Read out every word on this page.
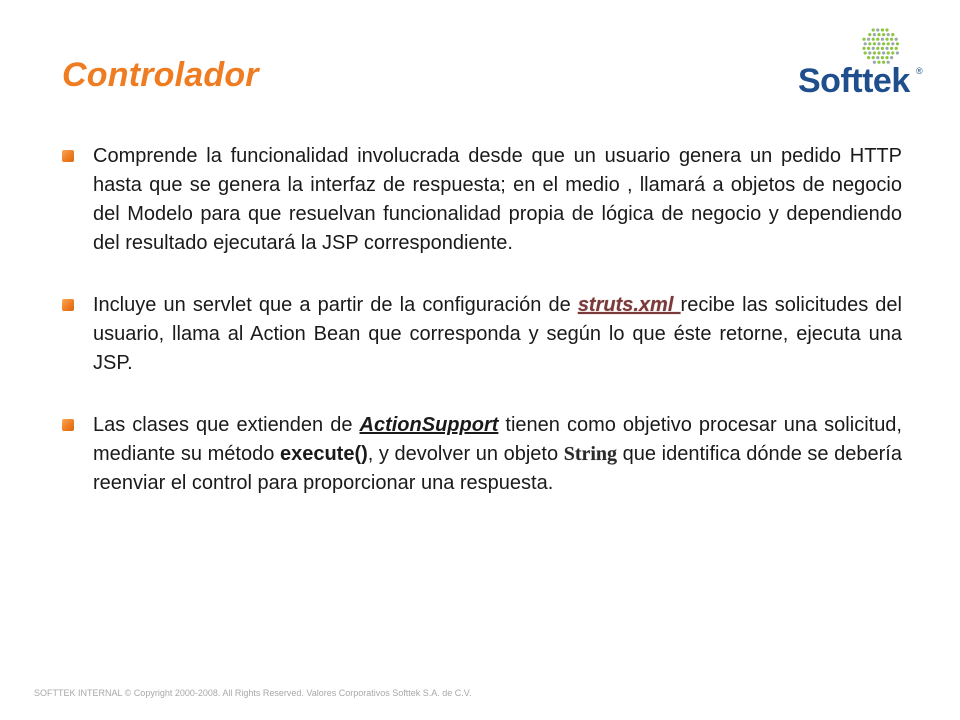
Controlador	Softtek ®
Comprende la funcionalidad involucrada desde que un usuario genera un pedido HTTP hasta que se genera la interfaz de respuesta; en el medio , llamará a objetos de negocio del Modelo para que resuelvan funcionalidad propia de lógica de negocio y dependiendo del resultado ejecutará la JSP correspondiente.
Incluye un servlet que a partir de la configuración de struts.xml recibe las solicitudes del usuario, llama al Action Bean que corresponda y según lo que éste retorne, ejecuta una JSP.
Las clases que extienden de ActionSupport tienen como objetivo procesar una solicitud, mediante su método execute(), y devolver un objeto String que identifica dónde se debería reenviar el control para proporcionar una respuesta.
SOFTTEK INTERNAL © Copyright 2000-2008. All Rights Reserved. Valores Corporativos Softtek S.A. de C.V.
